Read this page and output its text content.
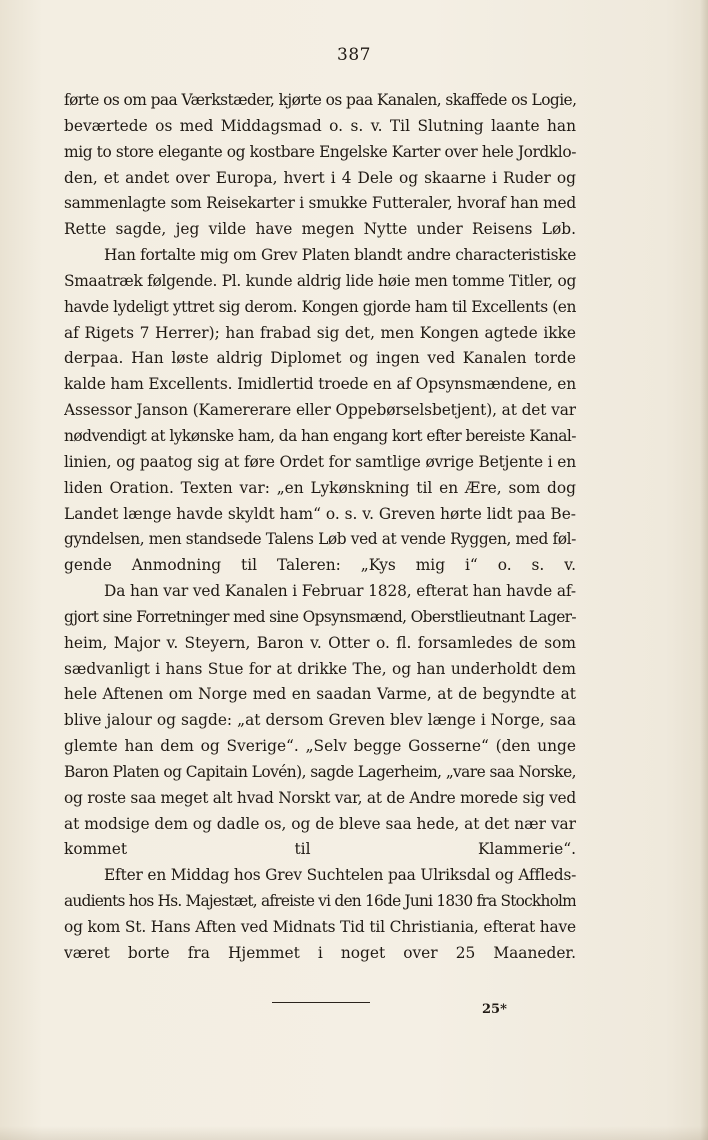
387
førte os om paa Værkstæder, kjørte os paa Kanalen, skaffede os Logie,
beværtede os med Middagsmad o. s. v. Til Slutning laante han
mig to store elegante og kostbare Engelske Karter over hele Jordklo-
den, et andet over Europa, hvert i 4 Dele og skaarne i Ruder og
sammenlagte som Reisekarter i smukke Futteraler, hvoraf han med
Rette sagde, jeg vilde have megen Nytte under Reisens Løb.
Han fortalte mig om Grev Platen blandt andre characteristiske
Smaatræk følgende. Pl. kunde aldrig lide høie men tomme Titler, og
havde lydeligt yttret sig derom. Kongen gjorde ham til Excellents (en
af Rigets 7 Herrer); han frabad sig det, men Kongen agtede ikke
derpaa. Han løste aldrig Diplomet og ingen ved Kanalen torde
kalde ham Excellents. Imidlertid troede en af Opsynsmændene, en
Assessor Janson (Kamererare eller Oppebørselsbetjent), at det var
nødvendigt at lykønske ham, da han engang kort efter bereiste Kanal-
linien, og paatog sig at føre Ordet for samtlige øvrige Betjente i en
liden Oration. Texten var: „en Lykønskning til en Ære, som dog
Landet længe havde skyldt ham“ o. s. v. Greven hørte lidt paa Be-
gyndelsen, men standsede Talens Løb ved at vende Ryggen, med føl-
gende Anmodning til Taleren: „Kys mig i“ o. s. v.
Da han var ved Kanalen i Februar 1828, efterat han havde af-
gjort sine Forretninger med sine Opsynsmænd, Oberstlieutnant Lager-
heim, Major v. Steyern, Baron v. Otter o. fl. forsamledes de som
sædvanligt i hans Stue for at drikke The, og han underholdt dem
hele Aftenen om Norge med en saadan Varme, at de begyndte at
blive jalour og sagde: „at dersom Greven blev længe i Norge, saa
glemte han dem og Sverige“. „Selv begge Gosserne“ (den unge
Baron Platen og Capitain Lovén), sagde Lagerheim, „vare saa Norske,
og roste saa meget alt hvad Norskt var, at de Andre morede sig ved
at modsige dem og dadle os, og de bleve saa hede, at det nær var
kommet til Klammerie“.
Efter en Middag hos Grev Suchtelen paa Ulriksdal og Affleds-
audients hos Hs. Majestæt, afreiste vi den 16de Juni 1830 fra Stockholm
og kom St. Hans Aften ved Midnats Tid til Christiania, efterat have
været borte fra Hjemmet i noget over 25 Maaneder.
25*
